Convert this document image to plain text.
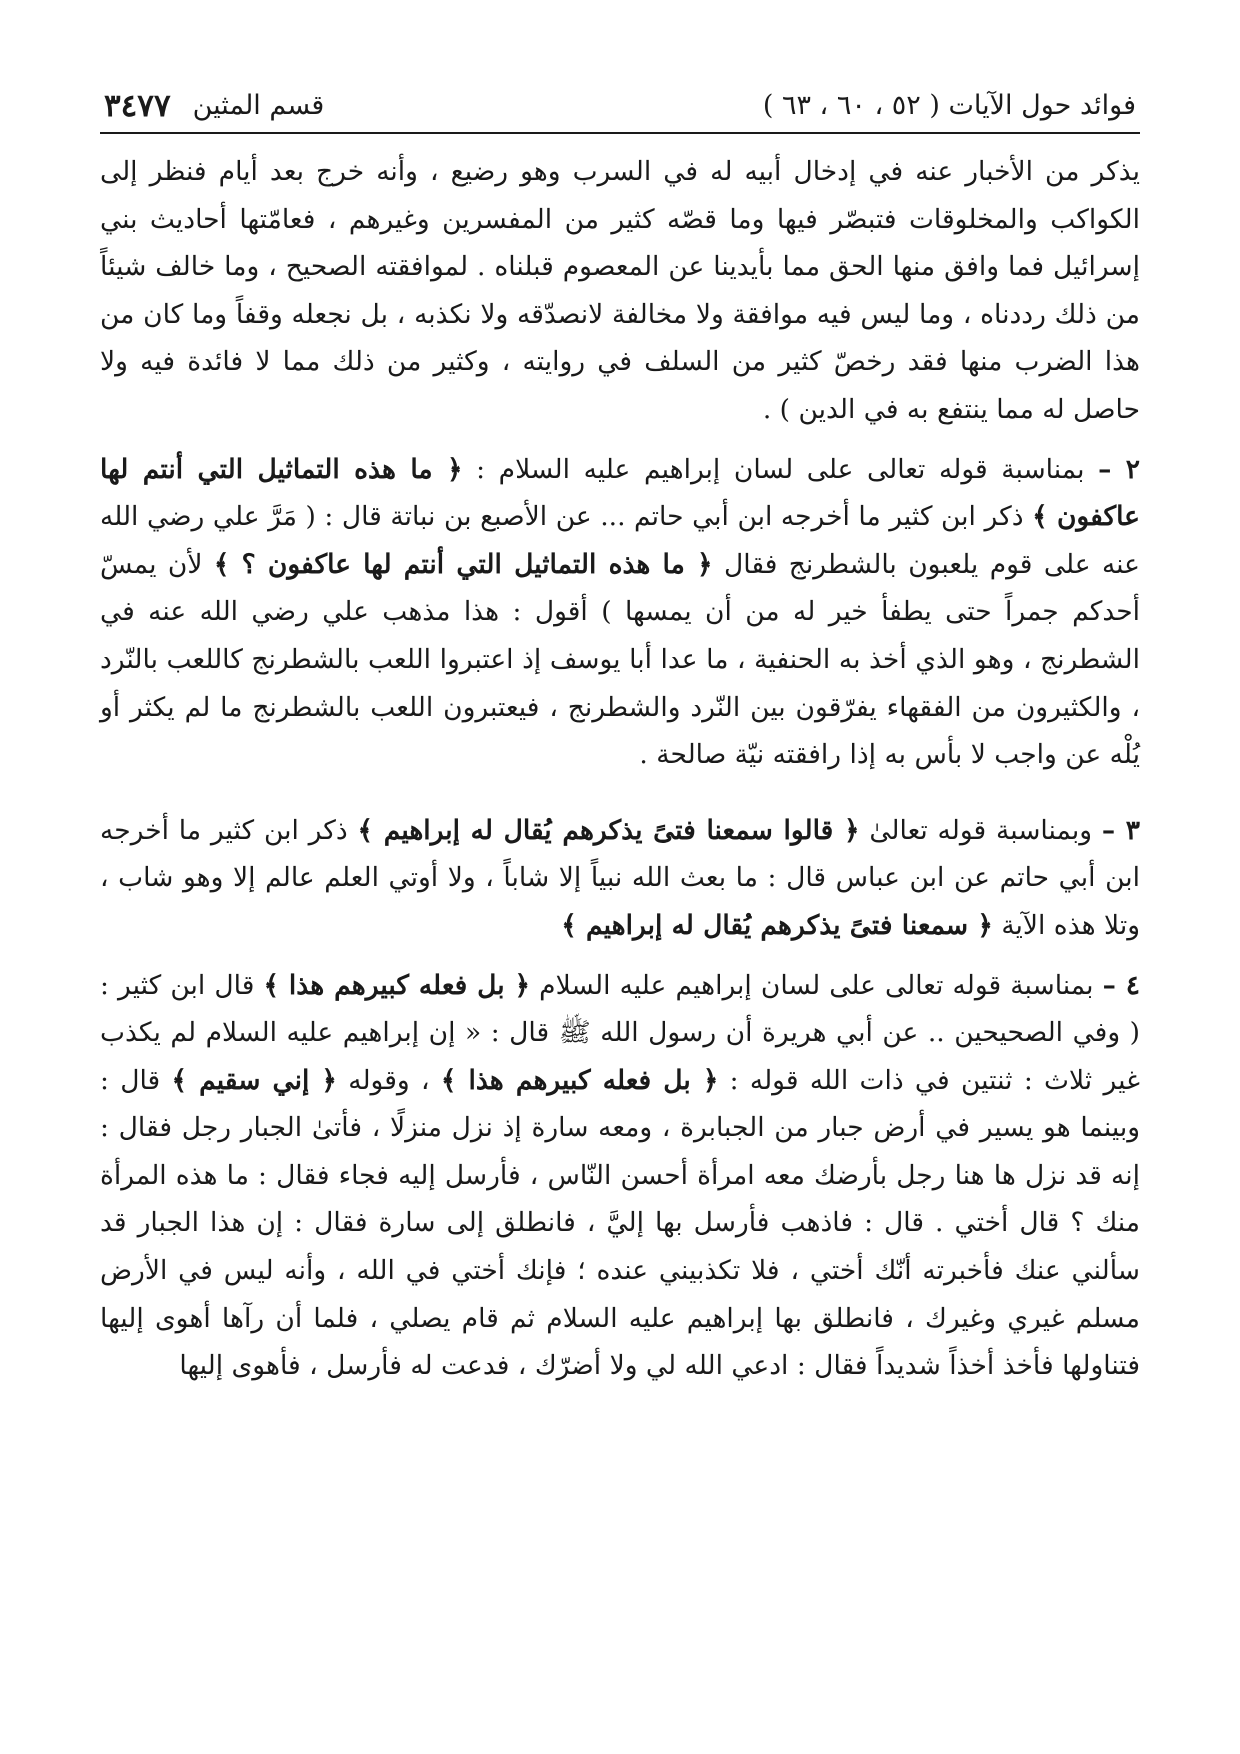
فوائد حول الآيات ( ٥٢ ، ٦٠ ، ٦٣ )
قسم المثين
٣٤٧٧

يذكر من الأخبار عنه في إدخال أبيه له في السرب وهو رضيع ، وأنه خرج بعد أيام فنظر إلى الكواكب والمخلوقات فتبصّر فيها وما قصّه كثير من المفسرين وغيرهم ، فعامّتها أحاديث بني إسرائيل فما وافق منها الحق مما بأيدينا عن المعصوم قبلناه . لموافقته الصحيح ، وما خالف شيئاً من ذلك رددناه ، وما ليس فيه موافقة ولا مخالفة لانصدّقه ولا نكذبه ، بل نجعله وقفاً وما كان من هذا الضرب منها فقد رخصّ كثير من السلف في روايته ، وكثير من ذلك مما لا فائدة فيه ولا حاصل له مما ينتفع به في الدين ) .

٢ – بمناسبة قوله تعالى على لسان إبراهيم عليه السلام : ﴿ ما هذه التماثيل التي أنتم لها عاكفون ﴾ ذكر ابن كثير ما أخرجه ابن أبي حاتم ... عن الأصبع بن نباتة قال : ( مَرَّ علي رضي الله عنه على قوم يلعبون بالشطرنج فقال ﴿ ما هذه التماثيل التي أنتم لها عاكفون ؟ ﴾ لأن يمسّ أحدكم جمراً حتى يطفأ خير له من أن يمسها ) أقول : هذا مذهب علي رضي الله عنه في الشطرنج ، وهو الذي أخذ به الحنفية ، ما عدا أبا يوسف إذ اعتبروا اللعب بالشطرنج كاللعب بالنّرد ، والكثيرون من الفقهاء يفرّقون بين النّرد والشطرنج ، فيعتبرون اللعب بالشطرنج ما لم يكثر أو يُلْه عن واجب لا بأس به إذا رافقته نيّة صالحة .

٣ – وبمناسبة قوله تعالىٰ ﴿ قالوا سمعنا فتىً يذكرهم يُقال له إبراهيم ﴾ ذكر ابن كثير ما أخرجه ابن أبي حاتم عن ابن عباس قال : ما بعث الله نبياً إلا شاباً ، ولا أوتي العلم عالم إلا وهو شاب ، وتلا هذه الآية ﴿ سمعنا فتىً يذكرهم يُقال له إبراهيم ﴾

٤ – بمناسبة قوله تعالى على لسان إبراهيم عليه السلام ﴿ بل فعله كبيرهم هذا ﴾ قال ابن كثير : ( وفي الصحيحين .. عن أبي هريرة أن رسول الله ﷺ قال : « إن إبراهيم عليه السلام لم يكذب غير ثلاث : ثنتين في ذات الله قوله : ﴿ بل فعله كبيرهم هذا ﴾ ، وقوله ﴿ إني سقيم ﴾ قال : وبينما هو يسير في أرض جبار من الجبابرة ، ومعه سارة إذ نزل منزلًا ، فأتىٰ الجبار رجل فقال : إنه قد نزل ها هنا رجل بأرضك معه امرأة أحسن النّاس ، فأرسل إليه فجاء فقال : ما هذه المرأة منك ؟ قال أختي . قال : فاذهب فأرسل بها إليَّ ، فانطلق إلى سارة فقال : إن هذا الجبار قد سألني عنك فأخبرته أنّك أختي ، فلا تكذبيني عنده ؛ فإنك أختي في الله ، وأنه ليس في الأرض مسلم غيري وغيرك ، فانطلق بها إبراهيم عليه السلام ثم قام يصلي ، فلما أن رآها أهوى إليها فتناولها فأخذ أخذاً شديداً فقال : ادعي الله لي ولا أضرّك ، فدعت له فأرسل ، فأهوى إليها
